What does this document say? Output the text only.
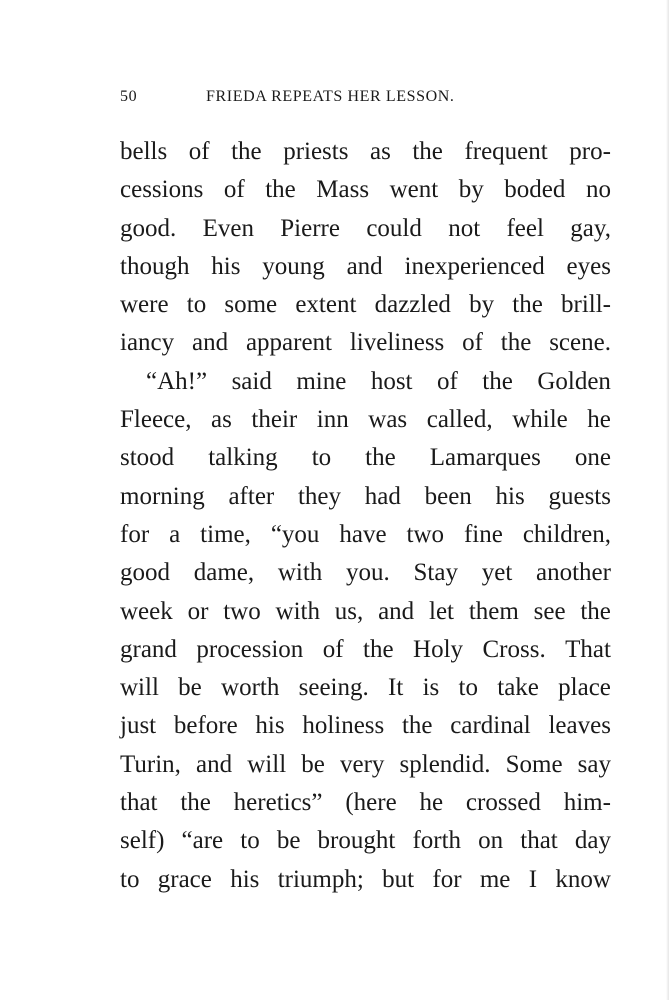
50	FRIEDA REPEATS HER LESSON.
bells of the priests as the frequent pro-
cessions of the Mass went by boded no
good. Even Pierre could not feel gay,
though his young and inexperienced eyes
were to some extent dazzled by the brill-
iancy and apparent liveliness of the scene.
“Ah!” said mine host of the Golden
Fleece, as their inn was called, while he
stood talking to the Lamarques one
morning after they had been his guests
for a time, “you have two fine children,
good dame, with you. Stay yet another
week or two with us, and let them see the
grand procession of the Holy Cross. That
will be worth seeing. It is to take place
just before his holiness the cardinal leaves
Turin, and will be very splendid. Some say
that the heretics” (here he crossed him-
self) “are to be brought forth on that day
to grace his triumph; but for me I know
